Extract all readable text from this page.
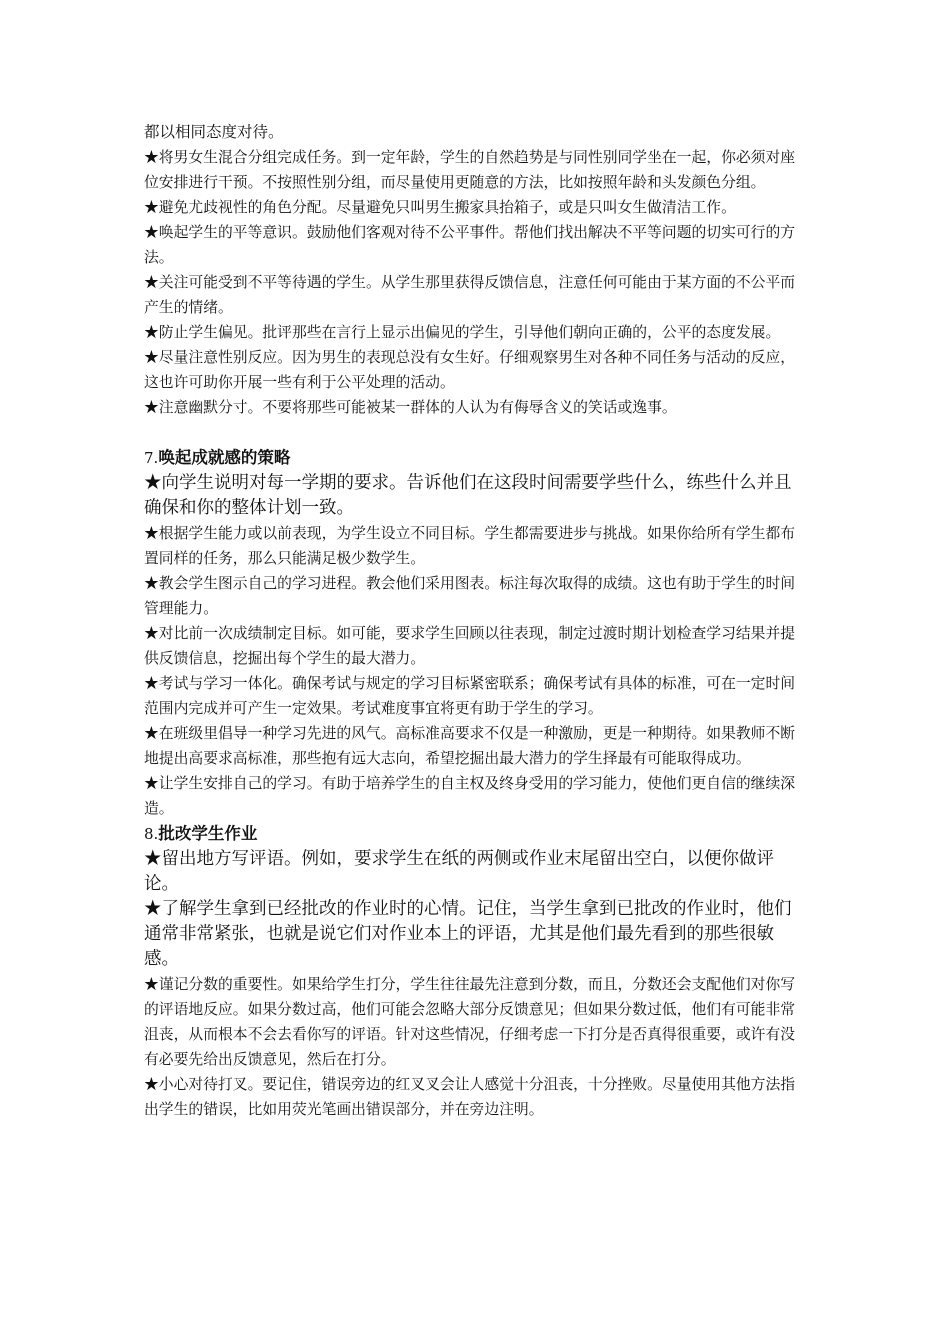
都以相同态度对待。

★将男女生混合分组完成任务。到一定年龄，学生的自然趋势是与同性别同学坐在一起，你必须对座位安排进行干预。不按照性别分组，而尽量使用更随意的方法，比如按照年龄和头发颜色分组。

★避免尤歧视性的角色分配。尽量避免只叫男生搬家具抬箱子，或是只叫女生做清洁工作。

★唤起学生的平等意识。鼓励他们客观对待不公平事件。帮他们找出解决不平等问题的切实可行的方法。

★关注可能受到不平等待遇的学生。从学生那里获得反馈信息，注意任何可能由于某方面的不公平而产生的情绪。

★防止学生偏见。批评那些在言行上显示出偏见的学生，引导他们朝向正确的，公平的态度发展。

★尽量注意性别反应。因为男生的表现总没有女生好。仔细观察男生对各种不同任务与活动的反应，这也许可助你开展一些有利于公平处理的活动。

★注意幽默分寸。不要将那些可能被某一群体的人认为有侮辱含义的笑话或逸事。

7.唤起成就感的策略

★向学生说明对每一学期的要求。告诉他们在这段时间需要学些什么，练些什么并且确保和你的整体计划一致。

★根据学生能力或以前表现，为学生设立不同目标。学生都需要进步与挑战。如果你给所有学生都布置同样的任务，那么只能满足极少数学生。

★教会学生图示自己的学习进程。教会他们采用图表。标注每次取得的成绩。这也有助于学生的时间管理能力。

★对比前一次成绩制定目标。如可能，要求学生回顾以往表现，制定过渡时期计划检查学习结果并提供反馈信息，挖掘出每个学生的最大潜力。

★考试与学习一体化。确保考试与规定的学习目标紧密联系；确保考试有具体的标准，可在一定时间范围内完成并可产生一定效果。考试难度事宜将更有助于学生的学习。

★在班级里倡导一种学习先进的风气。高标准高要求不仅是一种激励，更是一种期待。如果教师不断地提出高要求高标准，那些抱有远大志向，希望挖掘出最大潜力的学生择最有可能取得成功。

★让学生安排自己的学习。有助于培养学生的自主权及终身受用的学习能力，使他们更自信的继续深造。

8.批改学生作业

★留出地方写评语。例如，要求学生在纸的两侧或作业末尾留出空白，以便你做评论。

★了解学生拿到已经批改的作业时的心情。记住，当学生拿到已批改的作业时，他们通常非常紧张，也就是说它们对作业本上的评语，尤其是他们最先看到的那些很敏感。

★谨记分数的重要性。如果给学生打分，学生往往最先注意到分数，而且，分数还会支配他们对你写的评语地反应。如果分数过高，他们可能会忽略大部分反馈意见；但如果分数过低，他们有可能非常沮丧，从而根本不会去看你写的评语。针对这些情况，仔细考虑一下打分是否真得很重要，或许有没有必要先给出反馈意见，然后在打分。

★小心对待打叉。要记住，错误旁边的红叉叉会让人感觉十分沮丧，十分挫败。尽量使用其他方法指出学生的错误，比如用荧光笔画出错误部分，并在旁边注明。
